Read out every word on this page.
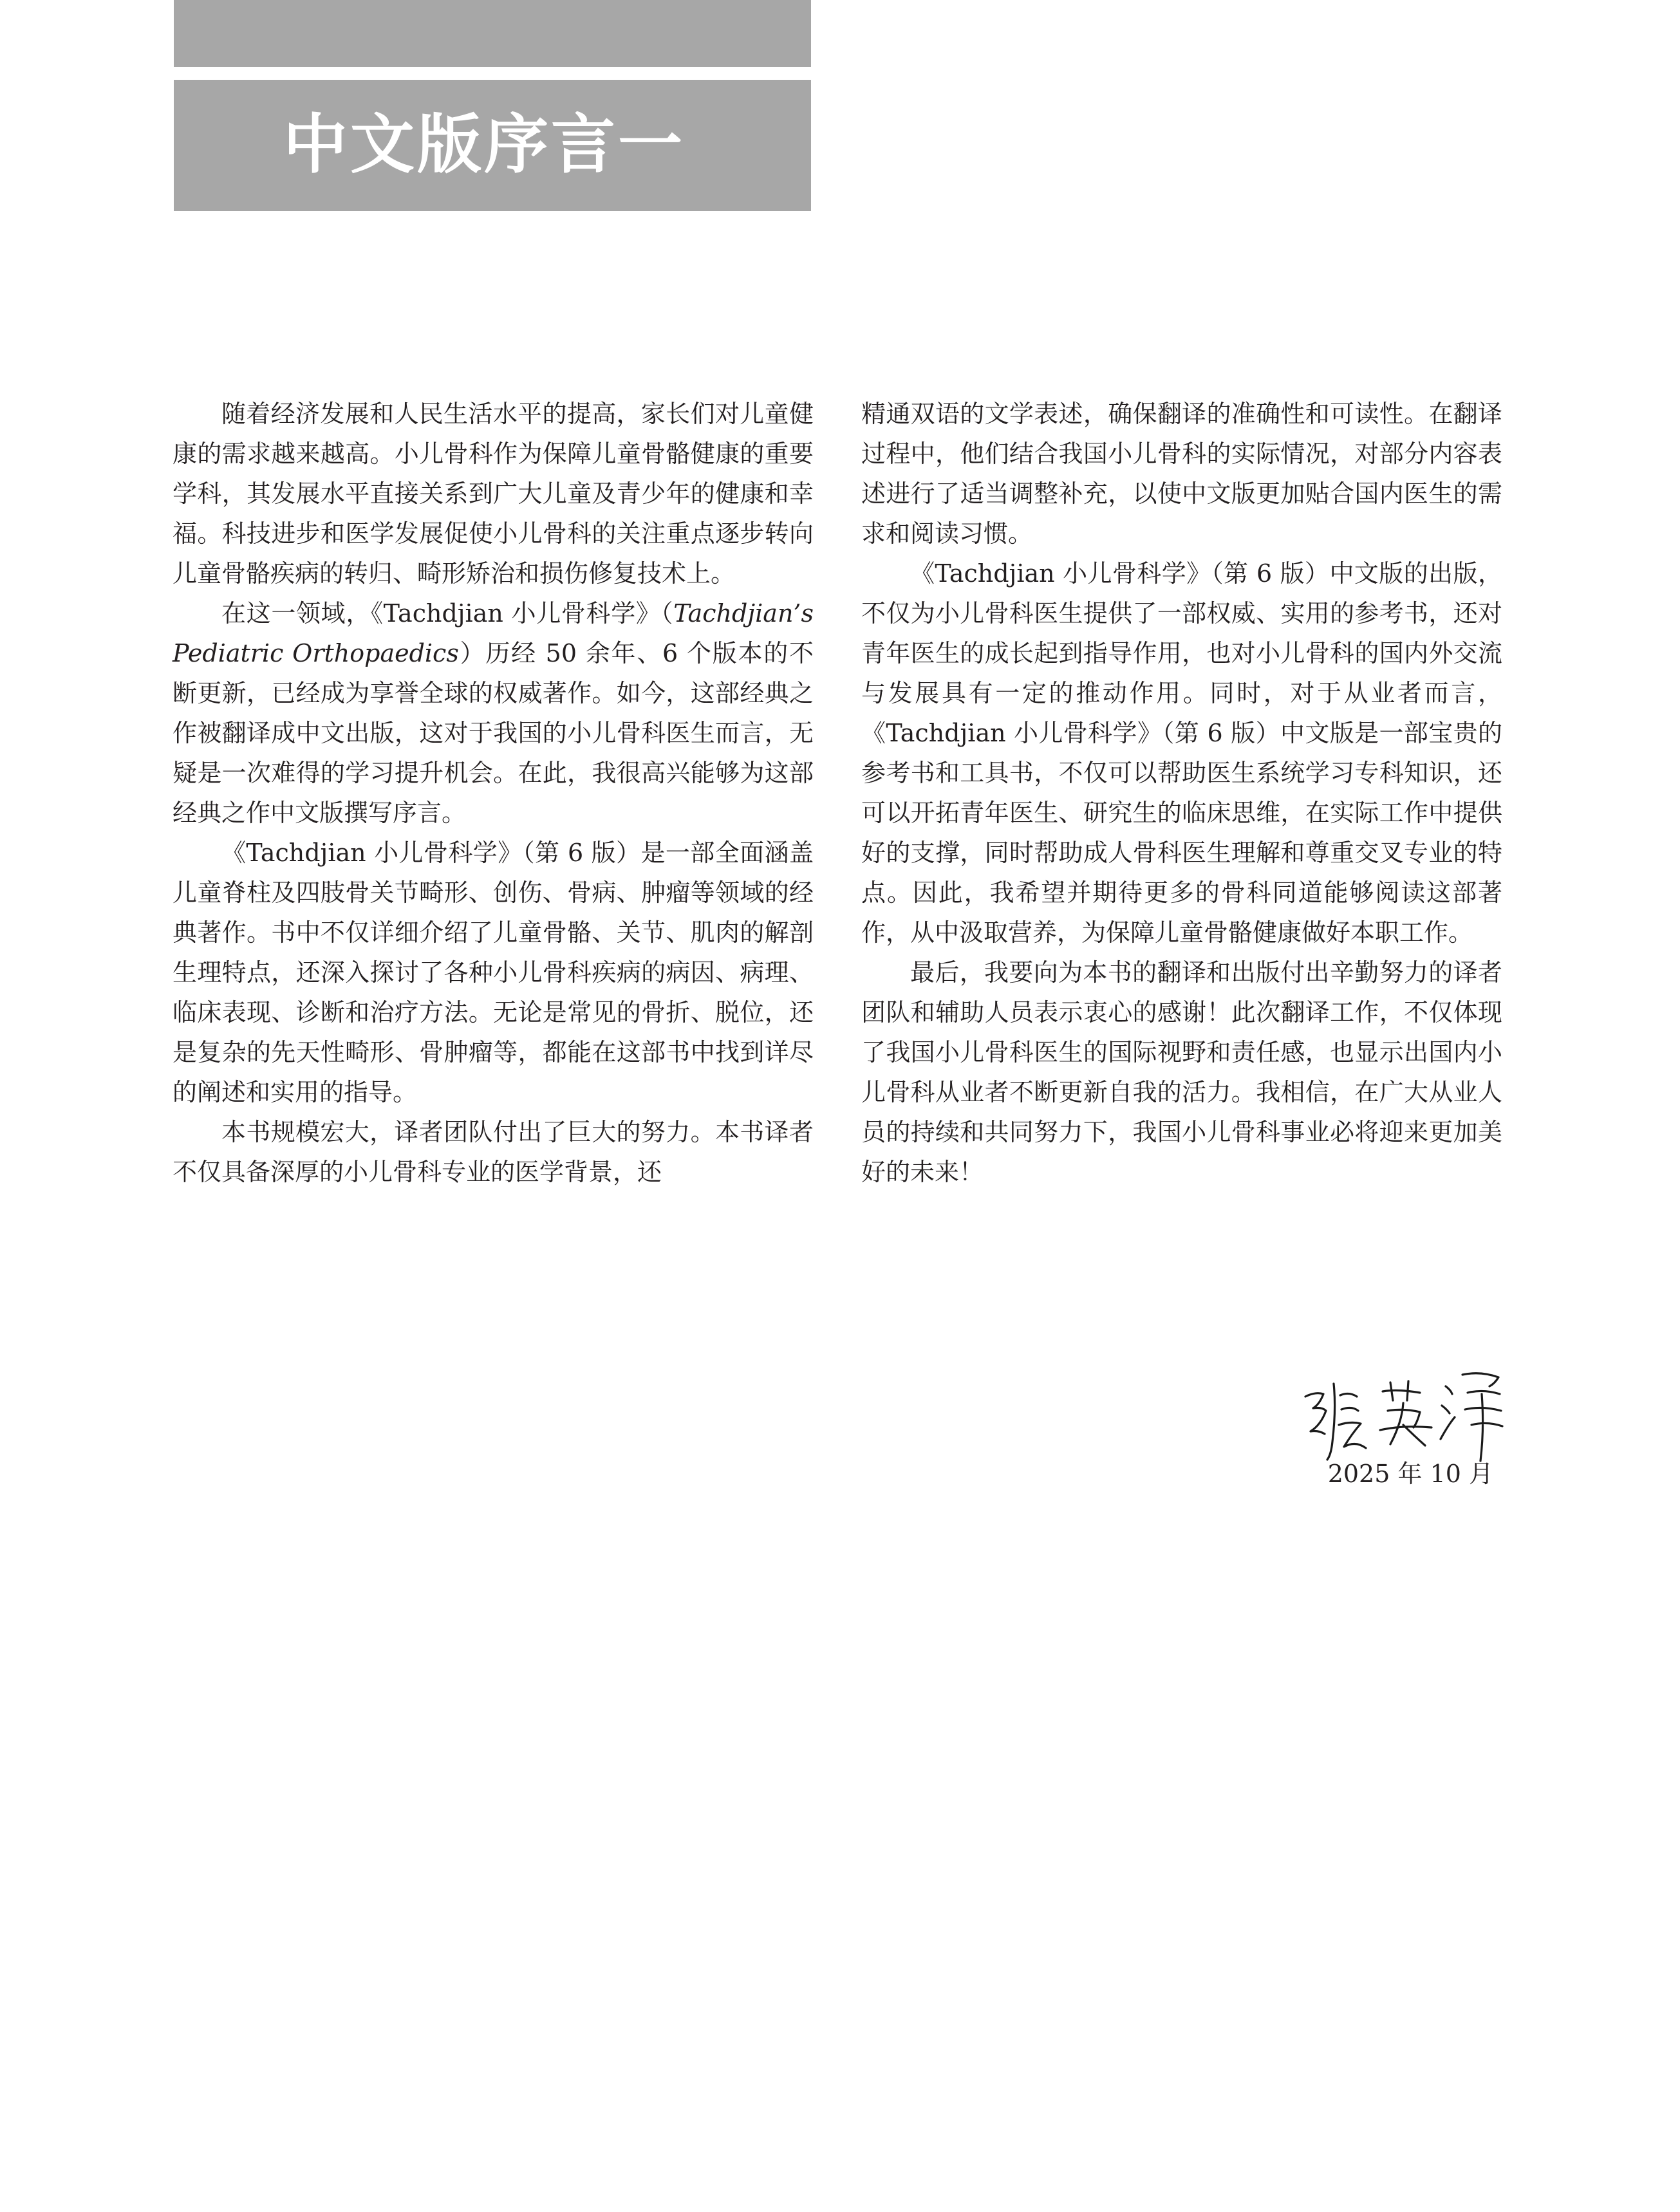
中文版序言一

随着经济发展和人民生活水平的提高，家长们对儿童健康的需求越来越高。小儿骨科作为保障儿童骨骼健康的重要学科，其发展水平直接关系到广大儿童及青少年的健康和幸福。科技进步和医学发展促使小儿骨科的关注重点逐步转向儿童骨骼疾病的转归、畸形矫治和损伤修复技术上。

在这一领域，《Tachdjian 小儿骨科学》（Tachdjian’s Pediatric Orthopaedics）历经 50 余年、6 个版本的不断更新，已经成为享誉全球的权威著作。如今，这部经典之作被翻译成中文出版，这对于我国的小儿骨科医生而言，无疑是一次难得的学习提升机会。在此，我很高兴能够为这部经典之作中文版撰写序言。

《Tachdjian 小儿骨科学》（第 6 版）是一部全面涵盖儿童脊柱及四肢骨关节畸形、创伤、骨病、肿瘤等领域的经典著作。书中不仅详细介绍了儿童骨骼、关节、肌肉的解剖生理特点，还深入探讨了各种小儿骨科疾病的病因、病理、临床表现、诊断和治疗方法。无论是常见的骨折、脱位，还是复杂的先天性畸形、骨肿瘤等，都能在这部书中找到详尽的阐述和实用的指导。

本书规模宏大，译者团队付出了巨大的努力。本书译者不仅具备深厚的小儿骨科专业的医学背景，还

精通双语的文学表述，确保翻译的准确性和可读性。在翻译过程中，他们结合我国小儿骨科的实际情况，对部分内容表述进行了适当调整补充，以使中文版更加贴合国内医生的需求和阅读习惯。

《Tachdjian 小儿骨科学》（第 6 版）中文版的出版，不仅为小儿骨科医生提供了一部权威、实用的参考书，还对青年医生的成长起到指导作用，也对小儿骨科的国内外交流与发展具有一定的推动作用。同时，对于从业者而言，《Tachdjian 小儿骨科学》（第 6 版）中文版是一部宝贵的参考书和工具书，不仅可以帮助医生系统学习专科知识，还可以开拓青年医生、研究生的临床思维，在实际工作中提供好的支撑，同时帮助成人骨科医生理解和尊重交叉专业的特点。因此，我希望并期待更多的骨科同道能够阅读这部著作，从中汲取营养，为保障儿童骨骼健康做好本职工作。

最后，我要向为本书的翻译和出版付出辛勤努力的译者团队和辅助人员表示衷心的感谢！此次翻译工作，不仅体现了我国小儿骨科医生的国际视野和责任感，也显示出国内小儿骨科从业者不断更新自我的活力。我相信，在广大从业人员的持续和共同努力下，我国小儿骨科事业必将迎来更加美好的未来！

2025 年 10 月
